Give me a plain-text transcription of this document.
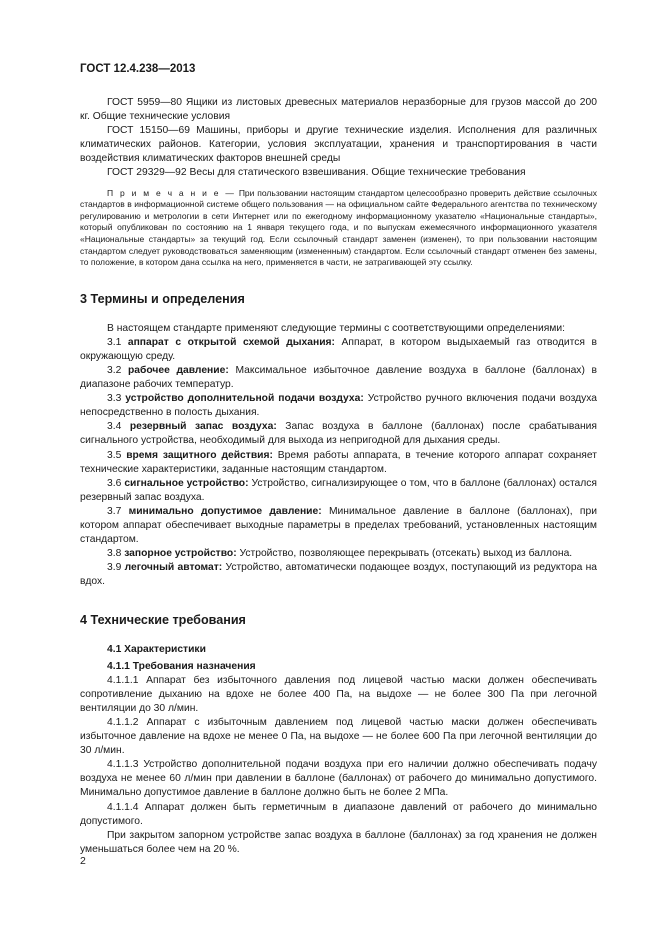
ГОСТ 12.4.238—2013

ГОСТ 5959—80 Ящики из листовых древесных материалов неразборные для грузов массой до 200 кг. Общие технические условия

ГОСТ 15150—69 Машины, приборы и другие технические изделия. Исполнения для различных климатических районов. Категории, условия эксплуатации, хранения и транспортирования в части воздействия климатических факторов внешней среды

ГОСТ 29329—92 Весы для статического взвешивания. Общие технические требования

П р и м е ч а н и е — При пользовании настоящим стандартом целесообразно проверить действие ссылочных стандартов в информационной системе общего пользования — на официальном сайте Федерального агентства по техническому регулированию и метрологии в сети Интернет или по ежегодному информационному указателю «Национальные стандарты», который опубликован по состоянию на 1 января текущего года, и по выпускам ежемесячного информационного указателя «Национальные стандарты» за текущий год. Если ссылочный стандарт заменен (изменен), то при пользовании настоящим стандартом следует руководствоваться заменяющим (измененным) стандартом. Если ссылочный стандарт отменен без замены, то положение, в котором дана ссылка на него, применяется в части, не затрагивающей эту ссылку.

3 Термины и определения

В настоящем стандарте применяют следующие термины с соответствующими определениями:

3.1 аппарат с открытой схемой дыхания: Аппарат, в котором выдыхаемый газ отводится в окружающую среду.

3.2 рабочее давление: Максимальное избыточное давление воздуха в баллоне (баллонах) в диапазоне рабочих температур.

3.3 устройство дополнительной подачи воздуха: Устройство ручного включения подачи воздуха непосредственно в полость дыхания.

3.4 резервный запас воздуха: Запас воздуха в баллоне (баллонах) после срабатывания сигнального устройства, необходимый для выхода из непригодной для дыхания среды.

3.5 время защитного действия: Время работы аппарата, в течение которого аппарат сохраняет технические характеристики, заданные настоящим стандартом.

3.6 сигнальное устройство: Устройство, сигнализирующее о том, что в баллоне (баллонах) остался резервный запас воздуха.

3.7 минимально допустимое давление: Минимальное давление в баллоне (баллонах), при котором аппарат обеспечивает выходные параметры в пределах требований, установленных настоящим стандартом.

3.8 запорное устройство: Устройство, позволяющее перекрывать (отсекать) выход из баллона.

3.9 легочный автомат: Устройство, автоматически подающее воздух, поступающий из редуктора на вдох.

4 Технические требования
4.1 Характеристики
4.1.1 Требования назначения

4.1.1.1 Аппарат без избыточного давления под лицевой частью маски должен обеспечивать сопротивление дыханию на вдохе не более 400 Па, на выдохе — не более 300 Па при легочной вентиляции до 30 л/мин.

4.1.1.2 Аппарат с избыточным давлением под лицевой частью маски должен обеспечивать избыточное давление на вдохе не менее 0 Па, на выдохе — не более 600 Па при легочной вентиляции до 30 л/мин.

4.1.1.3 Устройство дополнительной подачи воздуха при его наличии должно обеспечивать подачу воздуха не менее 60 л/мин при давлении в баллоне (баллонах) от рабочего до минимально допустимого. Минимально допустимое давление в баллоне должно быть не более 2 МПа.

4.1.1.4 Аппарат должен быть герметичным в диапазоне давлений от рабочего до минимально допустимого.

При закрытом запорном устройстве запас воздуха в баллоне (баллонах) за год хранения не должен уменьшаться более чем на 20 %.

2
